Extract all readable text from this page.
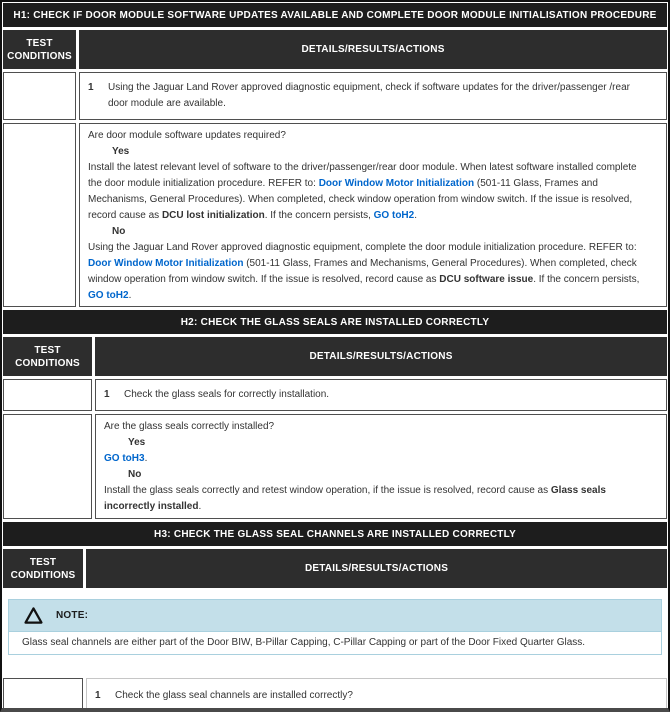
H1: CHECK IF DOOR MODULE SOFTWARE UPDATES AVAILABLE AND COMPLETE DOOR MODULE INITIALISATION PROCEDURE
TEST CONDITIONS
DETAILS/RESULTS/ACTIONS
1	Using the Jaguar Land Rover approved diagnostic equipment, check if software updates for the driver/passenger /rear door module are available.

Are door module software updates required?

Yes

Install the latest relevant level of software to the driver/passenger/rear door module. When latest software installed complete the door module initialization procedure. REFER to: Door Window Motor Initialization (501-11 Glass, Frames and Mechanisms, General Procedures). When completed, check window operation from window switch. If the issue is resolved, record cause as DCU lost initialization. If the concern persists, GO toH2.

No

Using the Jaguar Land Rover approved diagnostic equipment, complete the door module initialization procedure. REFER to: Door Window Motor Initialization (501-11 Glass, Frames and Mechanisms, General Procedures). When completed, check window operation from window switch. If the issue is resolved, record cause as DCU software issue. If the concern persists, GO toH2.

H2: CHECK THE GLASS SEALS ARE INSTALLED CORRECTLY
TEST CONDITIONS
DETAILS/RESULTS/ACTIONS
1	Check the glass seals for correctly installation.

Are the glass seals correctly installed?

Yes

GO toH3.

No

Install the glass seals correctly and retest window operation, if the issue is resolved, record cause as Glass seals incorrectly installed.

H3: CHECK THE GLASS SEAL CHANNELS ARE INSTALLED CORRECTLY
TEST CONDITIONS
DETAILS/RESULTS/ACTIONS
NOTE:
Glass seal channels are either part of the Door BIW, B-Pillar Capping, C-Pillar Capping or part of the Door Fixed Quarter Glass.
1	Check the glass seal channels are installed correctly?
